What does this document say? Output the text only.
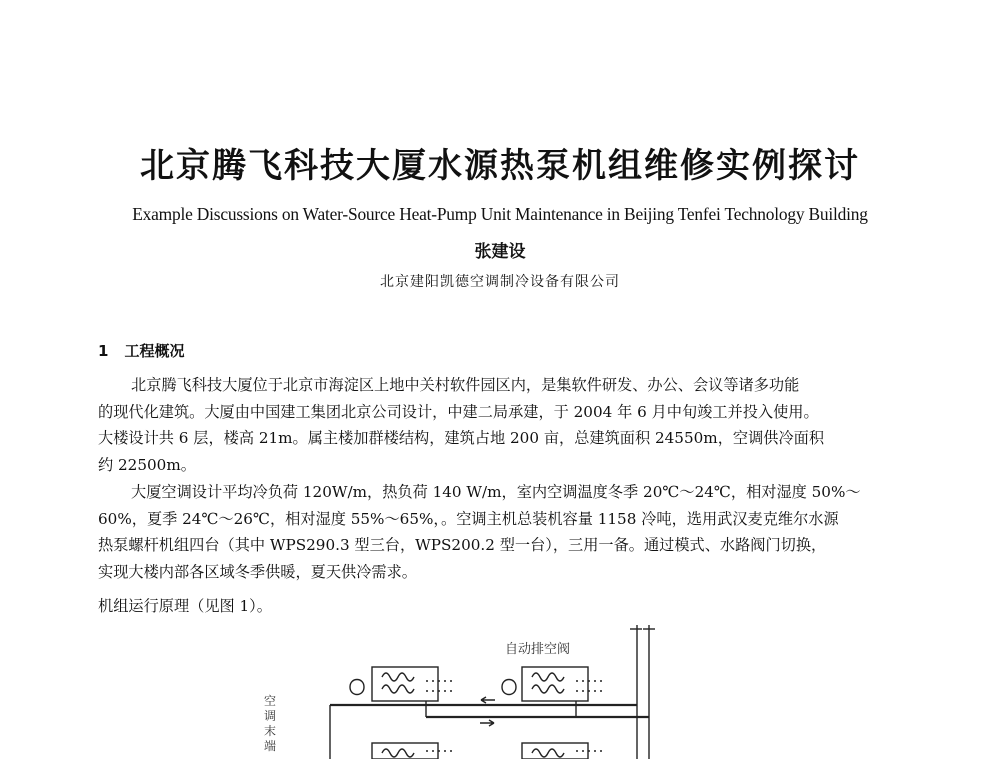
北京腾飞科技大厦水源热泵机组维修实例探讨
Example Discussions on Water-Source Heat-Pump Unit Maintenance in Beijing Tenfei Technology Building
张建设
北京建阳凯德空调制冷设备有限公司
1 工程概况
北京腾飞科技大厦位于北京市海淀区上地中关村软件园区内，是集软件研发、办公、会议等诸多功能
的现代化建筑。大厦由中国建工集团北京公司设计，中建二局承建，于 2004 年 6 月中旬竣工并投入使用。
大楼设计共 6 层，楼高 21m。属主楼加群楼结构，建筑占地 200 亩，总建筑面积 24550m，空调供冷面积
约 22500m。
大厦空调设计平均冷负荷 120W/m，热负荷 140 W/m，室内空调温度冬季 20℃～24℃，相对湿度 50%～
60%，夏季 24℃～26℃，相对湿度 55%～65%，。空调主机总装机容量 1158 冷吨，选用武汉麦克维尔水源
热泵螺杆机组四台（其中 WPS290.3 型三台，WPS200.2 型一台），三用一备。通过模式、水路阀门切换，
实现大楼内部各区域冬季供暖，夏天供冷需求。
机组运行原理（见图 1）。
自动排空阀
空调末端
